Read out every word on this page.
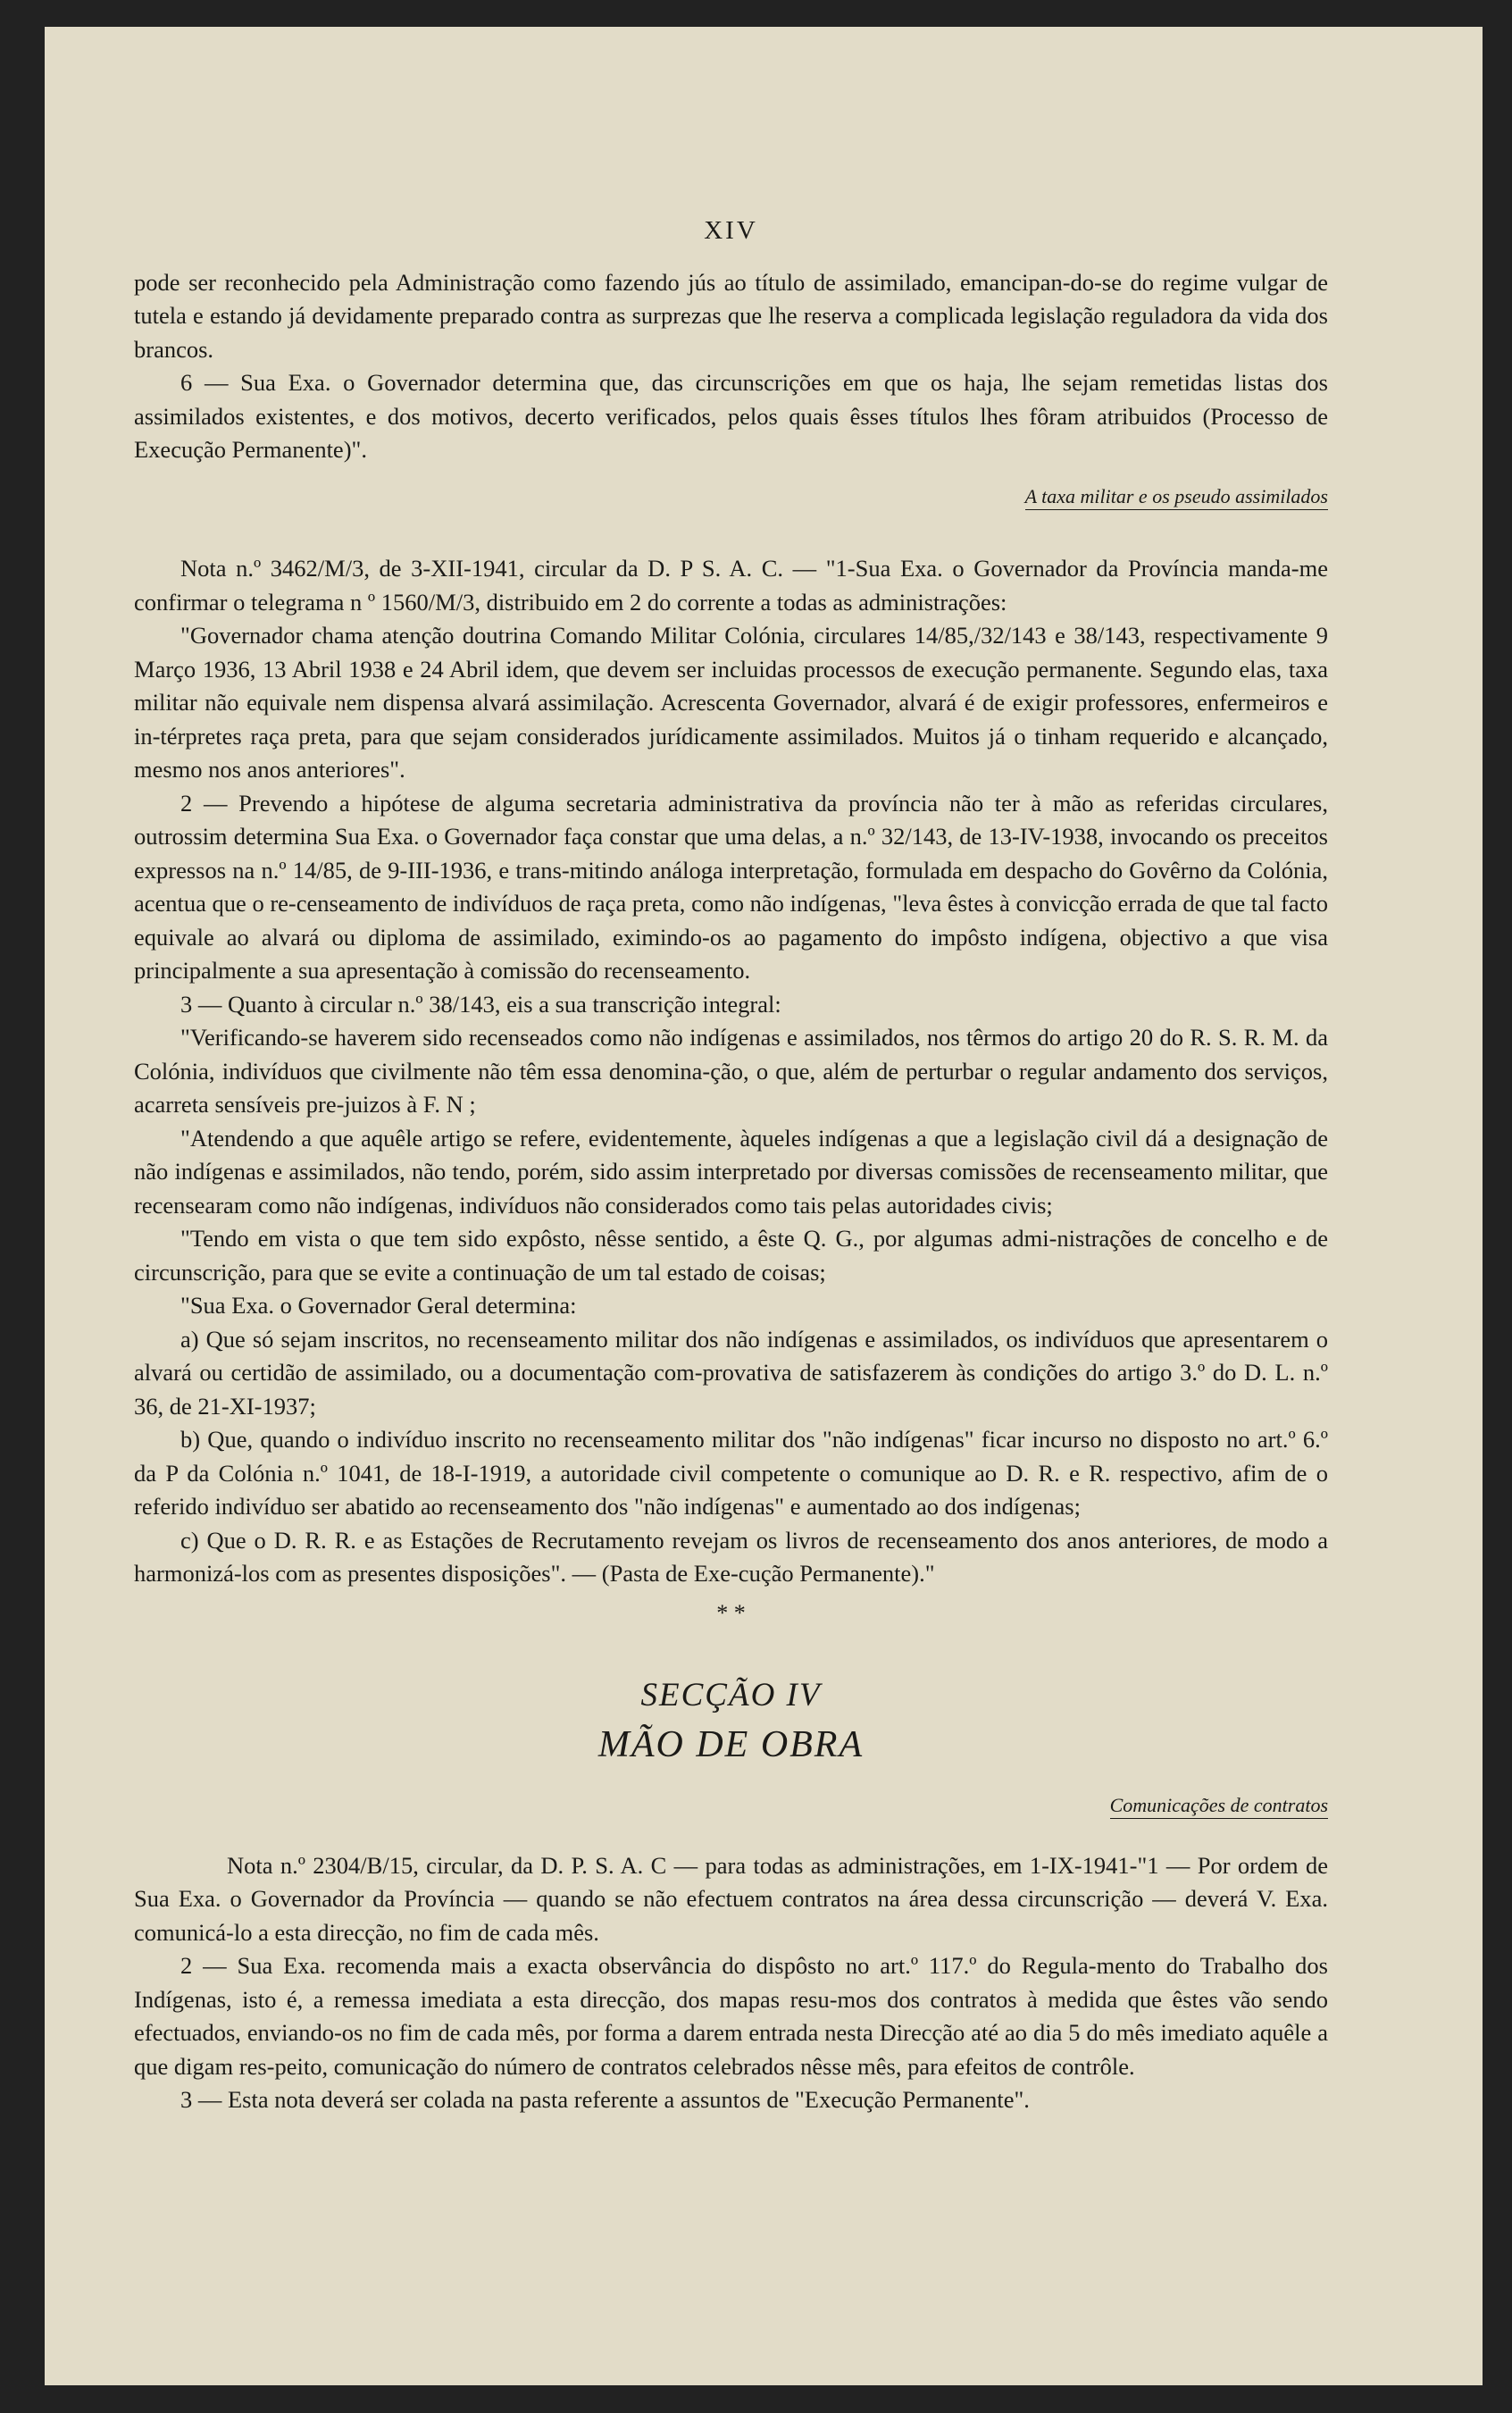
XIV

pode ser reconhecido pela Administração como fazendo jús ao título de assimilado, emancipan-do-se do regime vulgar de tutela e estando já devidamente preparado contra as surprezas que lhe reserva a complicada legislação reguladora da vida dos brancos.

6 — Sua Exa. o Governador determina que, das circunscrições em que os haja, lhe sejam remetidas listas dos assimilados existentes, e dos motivos, decerto verificados, pelos quais êsses títulos lhes fôram atribuidos (Processo de Execução Permanente)".

A taxa militar e os pseudo assimilados

Nota n.º 3462/M/3, de 3-XII-1941, circular da D. P S. A. C. — "1-Sua Exa. o Governador da Província manda-me confirmar o telegrama n º 1560/M/3, distribuido em 2 do corrente a todas as administrações:

"Governador chama atenção doutrina Comando Militar Colónia, circulares 14/85,/32/143 e 38/143, respectivamente 9 Março 1936, 13 Abril 1938 e 24 Abril idem, que devem ser incluidas processos de execução permanente. Segundo elas, taxa militar não equivale nem dispensa alvará assimilação. Acrescenta Governador, alvará é de exigir professores, enfermeiros e in-térpretes raça preta, para que sejam considerados jurídicamente assimilados. Muitos já o tinham requerido e alcançado, mesmo nos anos anteriores".

2 — Prevendo a hipótese de alguma secretaria administrativa da província não ter à mão as referidas circulares, outrossim determina Sua Exa. o Governador faça constar que uma delas, a n.º 32/143, de 13-IV-1938, invocando os preceitos expressos na n.º 14/85, de 9-III-1936, e trans-mitindo análoga interpretação, formulada em despacho do Govêrno da Colónia, acentua que o re-censeamento de indivíduos de raça preta, como não indígenas, "leva êstes à convicção errada de que tal facto equivale ao alvará ou diploma de assimilado, eximindo-os ao pagamento do impôsto indígena, objectivo a que visa principalmente a sua apresentação à comissão do recenseamento.

3 — Quanto à circular n.º 38/143, eis a sua transcrição integral:

"Verificando-se haverem sido recenseados como não indígenas e assimilados, nos têrmos do artigo 20 do R. S. R. M. da Colónia, indivíduos que civilmente não têm essa denomina-ção, o que, além de perturbar o regular andamento dos serviços, acarreta sensíveis pre-juizos à F. N ;

"Atendendo a que aquêle artigo se refere, evidentemente, àqueles indígenas a que a legislação civil dá a designação de não indígenas e assimilados, não tendo, porém, sido assim interpretado por diversas comissões de recenseamento militar, que recensearam como não indígenas, indivíduos não considerados como tais pelas autoridades civis;

"Tendo em vista o que tem sido expôsto, nêsse sentido, a êste Q. G., por algumas admi-nistrações de concelho e de circunscrição, para que se evite a continuação de um tal estado de coisas;

"Sua Exa. o Governador Geral determina:

a) Que só sejam inscritos, no recenseamento militar dos não indígenas e assimilados, os indivíduos que apresentarem o alvará ou certidão de assimilado, ou a documentação com-provativa de satisfazerem às condições do artigo 3.º do D. L. n.º 36, de 21-XI-1937;

b) Que, quando o indivíduo inscrito no recenseamento militar dos "não indígenas" ficar incurso no disposto no art.º 6.º da P da Colónia n.º 1041, de 18-I-1919, a autoridade civil competente o comunique ao D. R. e R. respectivo, afim de o referido indivíduo ser abatido ao recenseamento dos "não indígenas" e aumentado ao dos indígenas;

c) Que o D. R. R. e as Estações de Recrutamento revejam os livros de recenseamento dos anos anteriores, de modo a harmonizá-los com as presentes disposições". — (Pasta de Exe-cução Permanente)."

* *
SECÇÃO IV
MÃO DE OBRA
Comunicações de contratos

Nota n.º 2304/B/15, circular, da D. P. S. A. C — para todas as administrações, em 1-IX-1941-"1 — Por ordem de Sua Exa. o Governador da Província — quando se não efectuem contratos na área dessa circunscrição — deverá V. Exa. comunicá-lo a esta direcção, no fim de cada mês.

2 — Sua Exa. recomenda mais a exacta observância do dispôsto no art.º 117.º do Regula-mento do Trabalho dos Indígenas, isto é, a remessa imediata a esta direcção, dos mapas resu-mos dos contratos à medida que êstes vão sendo efectuados, enviando-os no fim de cada mês, por forma a darem entrada nesta Direcção até ao dia 5 do mês imediato aquêle a que digam res-peito, comunicação do número de contratos celebrados nêsse mês, para efeitos de contrôle.

3 — Esta nota deverá ser colada na pasta referente a assuntos de "Execução Permanente".
